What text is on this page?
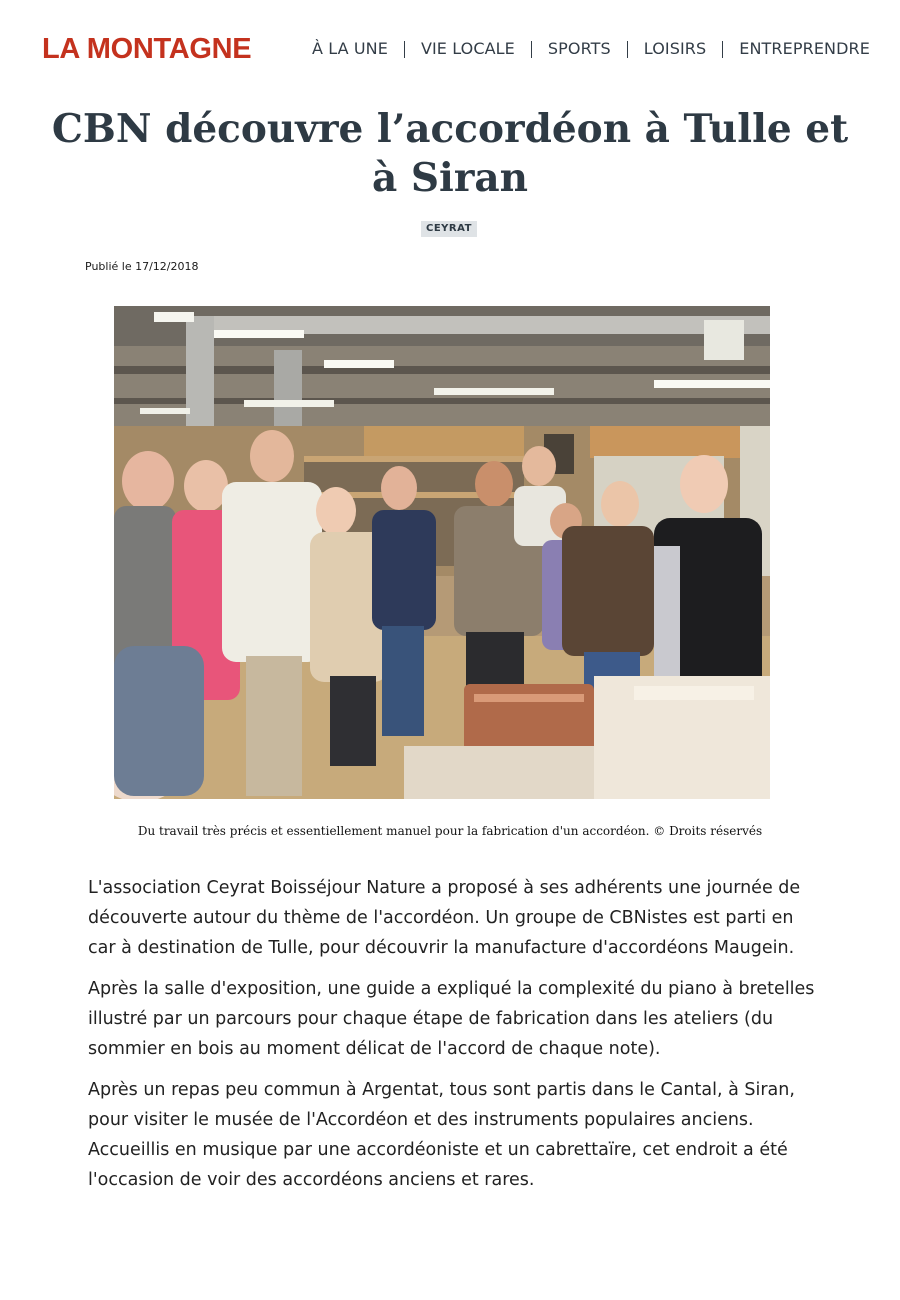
LA MONTAGNE	À LA UNE	VIE LOCALE	SPORTS	LOISIRS	ENTREPRENDRE
CBN découvre l’accordéon à Tulle et à Siran
CEYRAT
Publié le 17/12/2018
Du travail très précis et essentiellement manuel pour la fabrication d'un accordéon. © Droits réservés

L'association Ceyrat Boisséjour Nature a proposé à ses adhérents une journée de découverte autour du thème de l'accordéon. Un groupe de CBNistes est parti en car à destination de Tulle, pour découvrir la manufacture d'accordéons Maugein.

Après la salle d'exposition, une guide a expliqué la complexité du piano à bretelles illustré par un parcours pour chaque étape de fabrication dans les ateliers (du sommier en bois au moment délicat de l'accord de chaque note).

Après un repas peu commun à Argentat, tous sont partis dans le Cantal, à Siran, pour visiter le musée de l'Accordéon et des instruments populaires anciens. Accueillis en musique par une accordéoniste et un cabrettaïre, cet endroit a été l'occasion de voir des accordéons anciens et rares.
